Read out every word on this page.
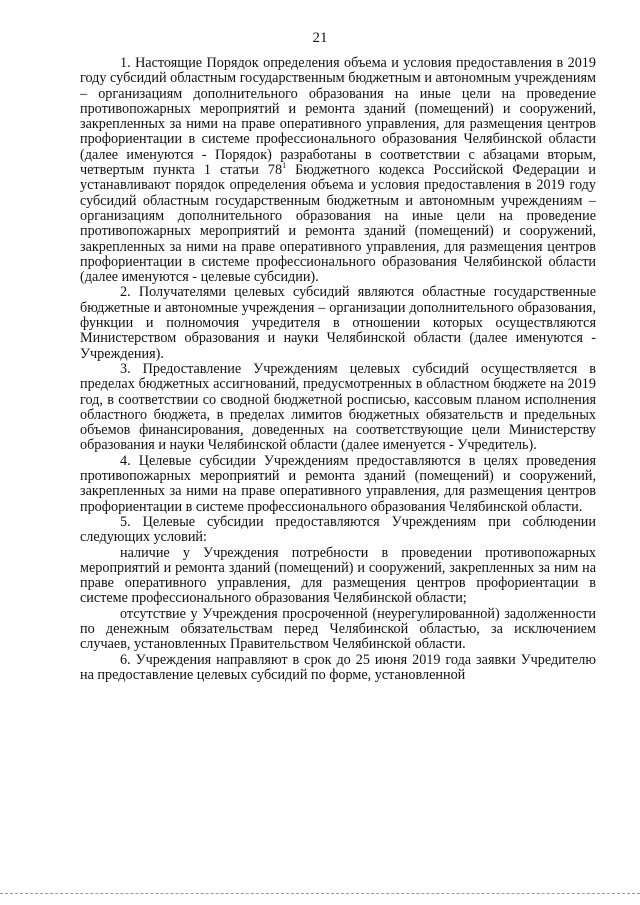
21

1. Настоящие Порядок определения объема и условия предоставления в 2019 году субсидий областным государственным бюджетным и автономным учреждениям – организациям дополнительного образования на иные цели на проведение противопожарных мероприятий и ремонта зданий (помещений) и сооружений, закрепленных за ними на праве оперативного управления, для размещения центров профориентации в системе профессионального образования Челябинской области (далее именуются - Порядок) разработаны в соответствии с абзацами вторым, четвертым пункта 1 статьи $78^1$ Бюджетного кодекса Российской Федерации и устанавливают порядок определения объема и условия предоставления в 2019 году субсидий областным государственным бюджетным и автономным учреждениям – организациям дополнительного образования на иные цели на проведение противопожарных мероприятий и ремонта зданий (помещений) и сооружений, закрепленных за ними на праве оперативного управления, для размещения центров профориентации в системе профессионального образования Челябинской области (далее именуются - целевые субсидии).

2. Получателями целевых субсидий являются областные государственные бюджетные и автономные учреждения – организации дополнительного образования, функции и полномочия учредителя в отношении которых осуществляются Министерством образования и науки Челябинской области (далее именуются - Учреждения).

3. Предоставление Учреждениям целевых субсидий осуществляется в пределах бюджетных ассигнований, предусмотренных в областном бюджете на 2019 год, в соответствии со сводной бюджетной росписью, кассовым планом исполнения областного бюджета, в пределах лимитов бюджетных обязательств и предельных объемов финансирования, доведенных на соответствующие цели Министерству образования и науки Челябинской области (далее именуется - Учредитель).

4. Целевые субсидии Учреждениям предоставляются в целях проведения противопожарных мероприятий и ремонта зданий (помещений) и сооружений, закрепленных за ними на праве оперативного управления, для размещения центров профориентации в системе профессионального образования Челябинской области.

5. Целевые субсидии предоставляются Учреждениям при соблюдении следующих условий:

наличие у Учреждения потребности в проведении противопожарных мероприятий и ремонта зданий (помещений) и сооружений, закрепленных за ним на праве оперативного управления, для размещения центров профориентации в системе профессионального образования Челябинской области;

отсутствие у Учреждения просроченной (неурегулированной) задолженности по денежным обязательствам перед Челябинской областью, за исключением случаев, установленных Правительством Челябинской области.

6. Учреждения направляют в срок до 25 июня 2019 года заявки Учредителю на предоставление целевых субсидий по форме, установленной
